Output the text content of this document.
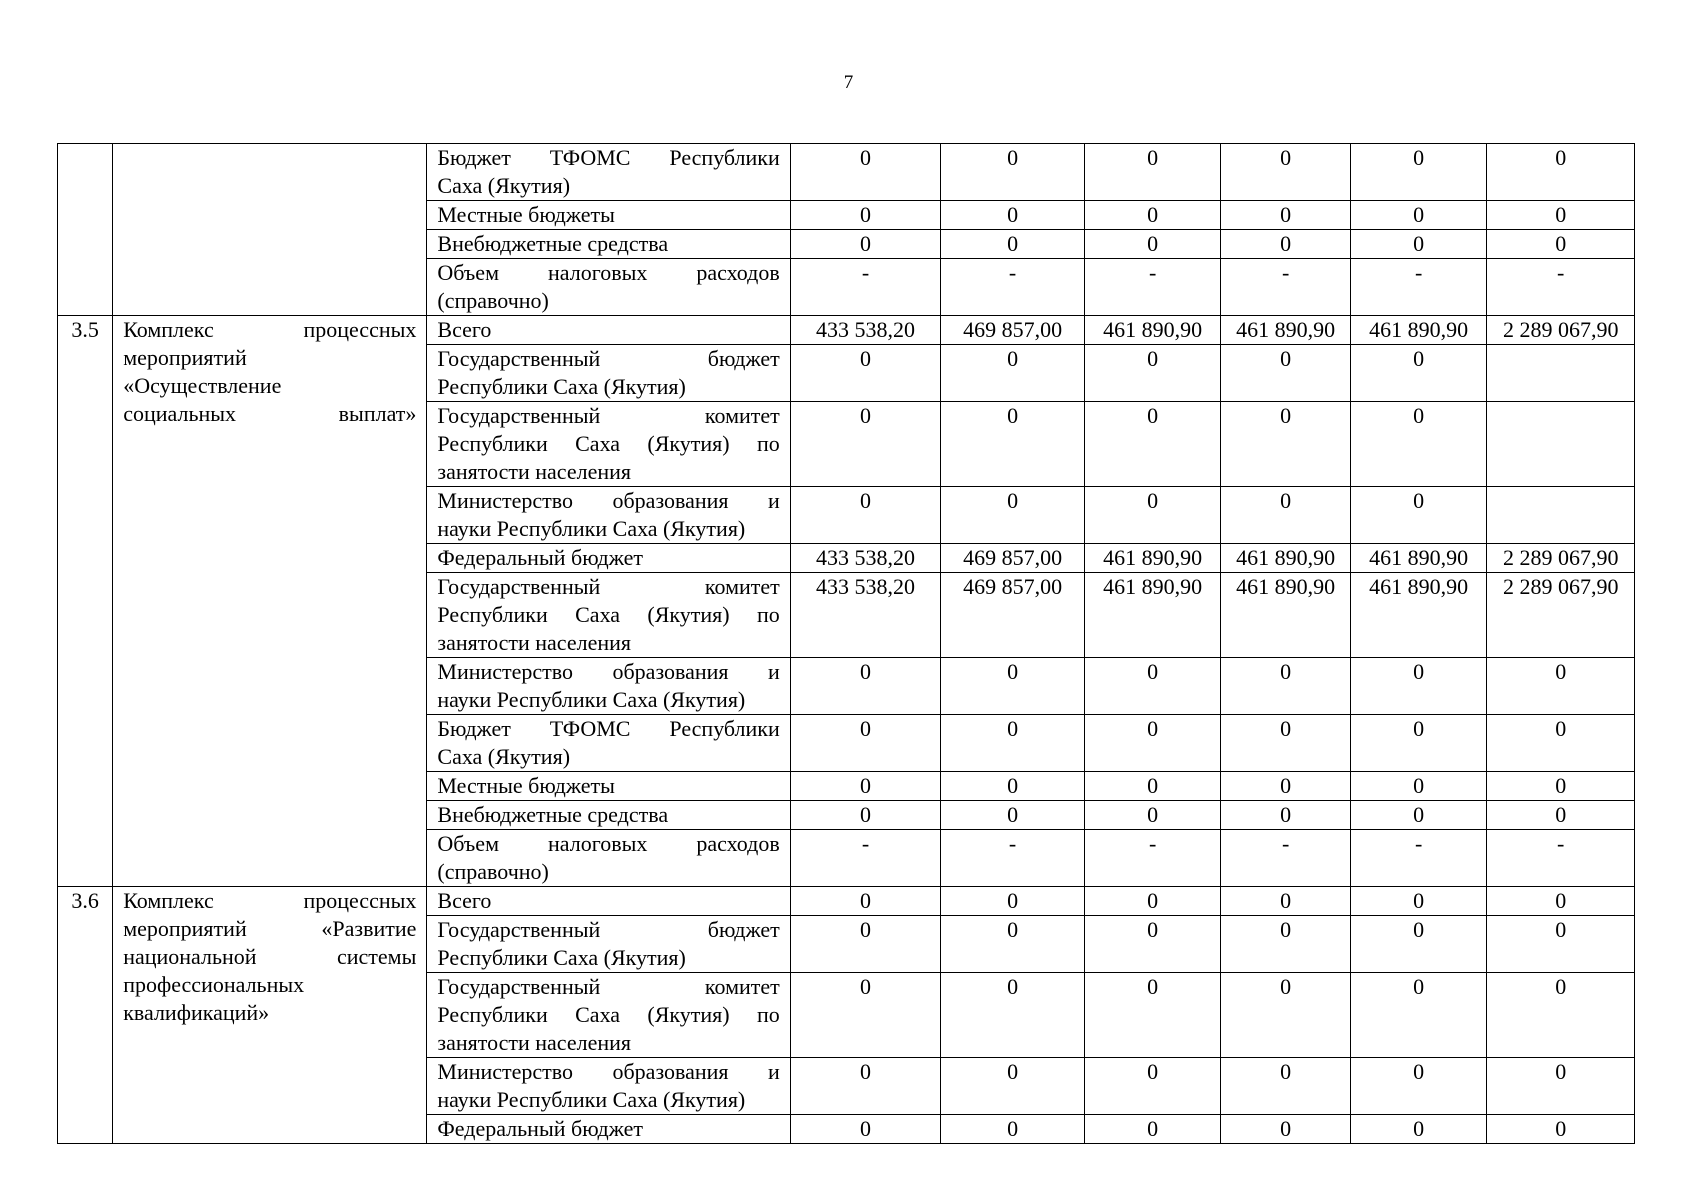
7

		Бюджет ТФОМС Республики
Саха (Якутия)	0	0	0	0	0	0

		Местные бюджеты	0	0	0	0	0	0

		Внебюджетные средства	0	0	0	0	0	0

		Объем налоговых расходов
(справочно)	-	-	-	-	-	-
3.5	Комплекс процессных
мероприятий
«Осуществление
социальных выплат»	Всего	433 538,20	469 857,00	461 890,90	461 890,90	461 890,90	2 289 067,90

		Государственный бюджет
Республики Саха (Якутия)	0	0	0	0	0	

		Государственный комитет
Республики Саха (Якутия) по
занятости населения	0	0	0	0	0	

		Министерство образования и
науки Республики Саха (Якутия)	0	0	0	0	0	

		Федеральный бюджет	433 538,20	469 857,00	461 890,90	461 890,90	461 890,90	2 289 067,90

		Государственный комитет
Республики Саха (Якутия) по
занятости населения	433 538,20	469 857,00	461 890,90	461 890,90	461 890,90	2 289 067,90

		Министерство образования и
науки Республики Саха (Якутия)	0	0	0	0	0	0

		Бюджет ТФОМС Республики
Саха (Якутия)	0	0	0	0	0	0

		Местные бюджеты	0	0	0	0	0	0

		Внебюджетные средства	0	0	0	0	0	0

		Объем налоговых расходов
(справочно)	-	-	-	-	-	-
3.6	Комплекс процессных
мероприятий «Развитие
национальной системы
профессиональных
квалификаций»	Всего	0	0	0	0	0	0

		Государственный бюджет
Республики Саха (Якутия)	0	0	0	0	0	0

		Государственный комитет
Республики Саха (Якутия) по
занятости населения	0	0	0	0	0	0

		Министерство образования и
науки Республики Саха (Якутия)	0	0	0	0	0	0

		Федеральный бюджет	0	0	0	0	0	0
